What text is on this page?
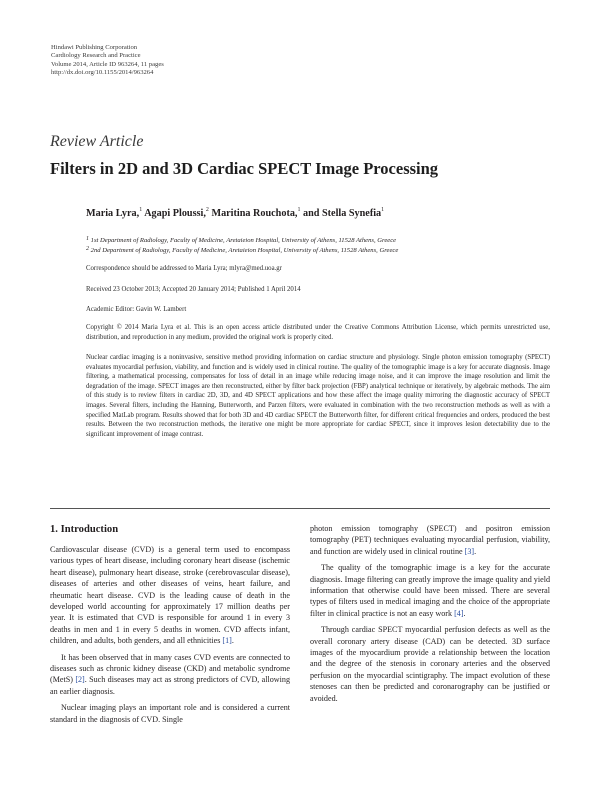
Hindawi Publishing Corporation
Cardiology Research and Practice
Volume 2014, Article ID 963264, 11 pages
http://dx.doi.org/10.1155/2014/963264
Review Article
Filters in 2D and 3D Cardiac SPECT Image Processing
Maria Lyra,$^1$ Agapi Ploussi,$^2$ Maritina Rouchota,$^1$ and Stella Synefia$^1$
$^1$ 1st Department of Radiology, Faculty of Medicine, Aretaieion Hospital, University of Athens, 11528 Athens, Greece
$^2$ 2nd Department of Radiology, Faculty of Medicine, Aretaieion Hospital, University of Athens, 11528 Athens, Greece
Correspondence should be addressed to Maria Lyra; mlyra@med.uoa.gr
Received 23 October 2013; Accepted 20 January 2014; Published 1 April 2014
Academic Editor: Gavin W. Lambert
Copyright © 2014 Maria Lyra et al. This is an open access article distributed under the Creative Commons Attribution License, which permits unrestricted use, distribution, and reproduction in any medium, provided the original work is properly cited.
Nuclear cardiac imaging is a noninvasive, sensitive method providing information on cardiac structure and physiology. Single photon emission tomography (SPECT) evaluates myocardial perfusion, viability, and function and is widely used in clinical routine. The quality of the tomographic image is a key for accurate diagnosis. Image filtering, a mathematical processing, compensates for loss of detail in an image while reducing image noise, and it can improve the image resolution and limit the degradation of the image. SPECT images are then reconstructed, either by filter back projection (FBP) analytical technique or iteratively, by algebraic methods. The aim of this study is to review filters in cardiac 2D, 3D, and 4D SPECT applications and how these affect the image quality mirroring the diagnostic accuracy of SPECT images. Several filters, including the Hanning, Butterworth, and Parzen filters, were evaluated in combination with the two reconstruction methods as well as with a specified MatLab program. Results showed that for both 3D and 4D cardiac SPECT the Butterworth filter, for different critical frequencies and orders, produced the best results. Between the two reconstruction methods, the iterative one might be more appropriate for cardiac SPECT, since it improves lesion detectability due to the significant improvement of image contrast.
1. Introduction

Cardiovascular disease (CVD) is a general term used to encompass various types of heart disease, including coronary heart disease (ischemic heart disease), pulmonary heart disease, stroke (cerebrovascular disease), diseases of arteries and other diseases of veins, heart failure, and rheumatic heart disease. CVD is the leading cause of death in the developed world accounting for approximately 17 million deaths per year. It is estimated that CVD is responsible for around 1 in every 3 deaths in men and 1 in every 5 deaths in women. CVD affects infant, children, and adults, both genders, and all ethnicities [1].

It has been observed that in many cases CVD events are connected to diseases such as chronic kidney disease (CKD) and metabolic syndrome (MetS) [2]. Such diseases may act as strong predictors of CVD, allowing an earlier diagnosis.

Nuclear imaging plays an important role and is considered a current standard in the diagnosis of CVD. Single

photon emission tomography (SPECT) and positron emission tomography (PET) techniques evaluating myocardial perfusion, viability, and function are widely used in clinical routine [3].

The quality of the tomographic image is a key for the accurate diagnosis. Image filtering can greatly improve the image quality and yield information that otherwise could have been missed. There are several types of filters used in medical imaging and the choice of the appropriate filter in clinical practice is not an easy work [4].

Through cardiac SPECT myocardial perfusion defects as well as the overall coronary artery disease (CAD) can be detected. 3D surface images of the myocardium provide a relationship between the location and the degree of the stenosis in coronary arteries and the observed perfusion on the myocardial scintigraphy. The impact evolution of these stenoses can then be predicted and coronarography can be justified or avoided.
